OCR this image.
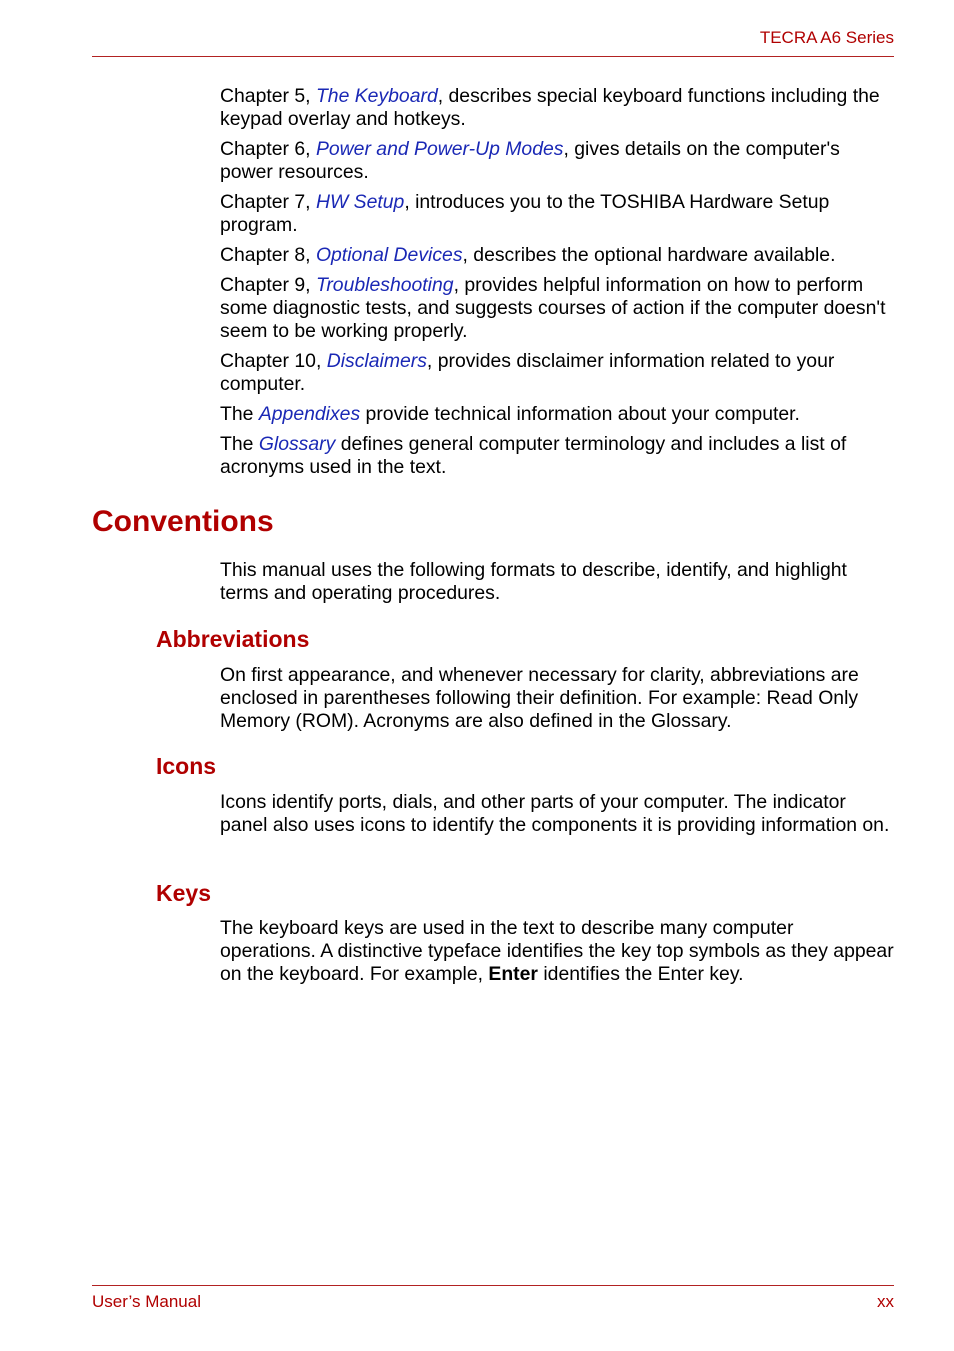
TECRA A6 Series

Chapter 5, The Keyboard, describes special keyboard functions including the keypad overlay and hotkeys.

Chapter 6, Power and Power-Up Modes, gives details on the computer's power resources.

Chapter 7, HW Setup, introduces you to the TOSHIBA Hardware Setup program.

Chapter 8, Optional Devices, describes the optional hardware available.

Chapter 9, Troubleshooting, provides helpful information on how to perform some diagnostic tests, and suggests courses of action if the computer doesn't seem to be working properly.

Chapter 10, Disclaimers, provides disclaimer information related to your computer.

The Appendixes provide technical information about your computer.

The Glossary defines general computer terminology and includes a list of acronyms used in the text.

Conventions

This manual uses the following formats to describe, identify, and highlight terms and operating procedures.

Abbreviations

On first appearance, and whenever necessary for clarity, abbreviations are enclosed in parentheses following their definition. For example: Read Only Memory (ROM). Acronyms are also defined in the Glossary.

Icons

Icons identify ports, dials, and other parts of your computer. The indicator panel also uses icons to identify the components it is providing information on.

Keys

The keyboard keys are used in the text to describe many computer operations. A distinctive typeface identifies the key top symbols as they appear on the keyboard. For example, Enter identifies the Enter key.

User’s Manual	xx
